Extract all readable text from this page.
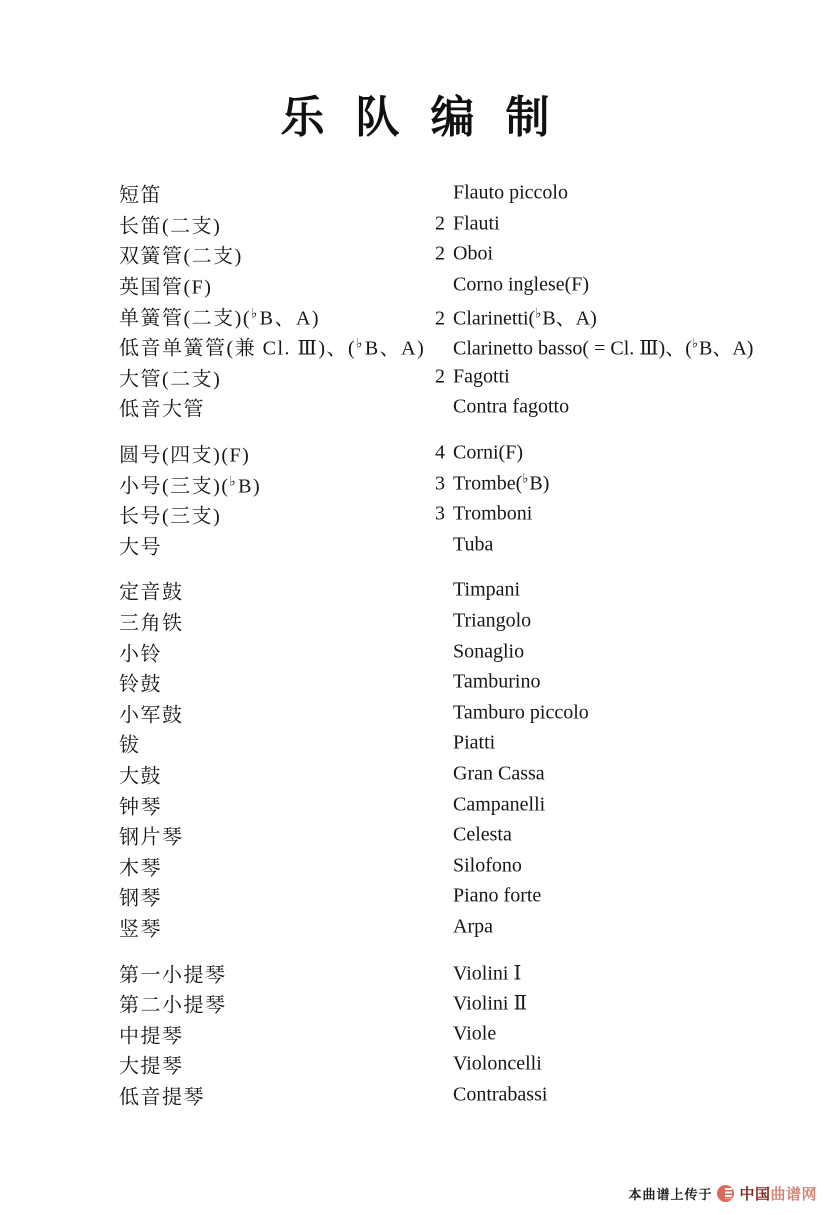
乐 队 编 制
短笛	Flauto piccolo
长笛(二支)	2 Flauti
双簧管(二支)	2 Oboi
英国管(F)	Corno inglese(F)
单簧管(二支)(♭B、A)	2 Clarinetti(♭B、A)
低音单簧管(兼 Cl. Ⅲ)、(♭B、A)	Clarinetto basso( = Cl. Ⅲ)、(♭B、A)
大管(二支)	2 Fagotti
低音大管	Contra fagotto
圆号(四支)(F)	4 Corni(F)
小号(三支)(♭B)	3 Trombe(♭B)
长号(三支)	3 Tromboni
大号	Tuba
定音鼓	Timpani
三角铁	Triangolo
小铃	Sonaglio
铃鼓	Tamburino
小军鼓	Tamburo piccolo
钹	Piatti
大鼓	Gran Cassa
钟琴	Campanelli
钢片琴	Celesta
木琴	Silofono
钢琴	Piano forte
竖琴	Arpa
第一小提琴	Violini Ⅰ
第二小提琴	Violini Ⅱ
中提琴	Viole
大提琴	Violoncelli
低音提琴	Contrabassi
本曲谱上传于 中国曲谱网
